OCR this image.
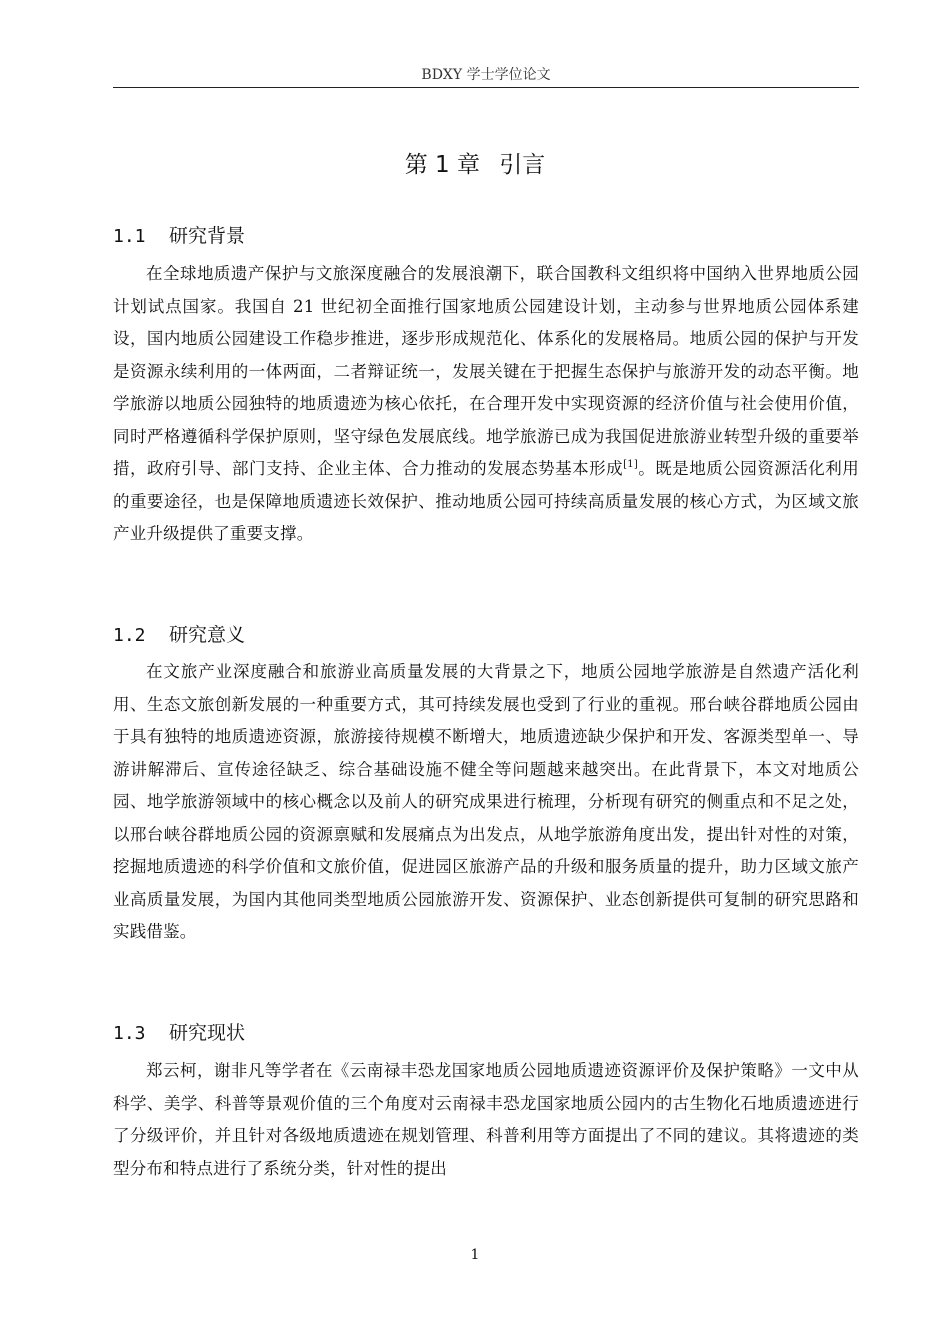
BDXY 学士学位论文
第 1 章 引言
1.1 研究背景
在全球地质遗产保护与文旅深度融合的发展浪潮下，联合国教科文组织将中国纳入世界地质公园计划试点国家。我国自 21 世纪初全面推行国家地质公园建设计划，主动参与世界地质公园体系建设，国内地质公园建设工作稳步推进，逐步形成规范化、体系化的发展格局。地质公园的保护与开发是资源永续利用的一体两面，二者辩证统一，发展关键在于把握生态保护与旅游开发的动态平衡。地学旅游以地质公园独特的地质遗迹为核心依托，在合理开发中实现资源的经济价值与社会使用价值，同时严格遵循科学保护原则，坚守绿色发展底线。地学旅游已成为我国促进旅游业转型升级的重要举措，政府引导、部门支持、企业主体、合力推动的发展态势基本形成[1]。既是地质公园资源活化利用的重要途径，也是保障地质遗迹长效保护、推动地质公园可持续高质量发展的核心方式，为区域文旅产业升级提供了重要支撑。
1.2 研究意义
在文旅产业深度融合和旅游业高质量发展的大背景之下，地质公园地学旅游是自然遗产活化利用、生态文旅创新发展的一种重要方式，其可持续发展也受到了行业的重视。邢台峡谷群地质公园由于具有独特的地质遗迹资源，旅游接待规模不断增大，地质遗迹缺少保护和开发、客源类型单一、导游讲解滞后、宣传途径缺乏、综合基础设施不健全等问题越来越突出。在此背景下，本文对地质公园、地学旅游领域中的核心概念以及前人的研究成果进行梳理，分析现有研究的侧重点和不足之处，以邢台峡谷群地质公园的资源禀赋和发展痛点为出发点，从地学旅游角度出发，提出针对性的对策，挖掘地质遗迹的科学价值和文旅价值，促进园区旅游产品的升级和服务质量的提升，助力区域文旅产业高质量发展，为国内其他同类型地质公园旅游开发、资源保护、业态创新提供可复制的研究思路和实践借鉴。
1.3 研究现状
郑云柯，谢非凡等学者在《云南禄丰恐龙国家地质公园地质遗迹资源评价及保护策略》一文中从科学、美学、科普等景观价值的三个角度对云南禄丰恐龙国家地质公园内的古生物化石地质遗迹进行了分级评价，并且针对各级地质遗迹在规划管理、科普利用等方面提出了不同的建议。其将遗迹的类型分布和特点进行了系统分类，针对性的提出
1
